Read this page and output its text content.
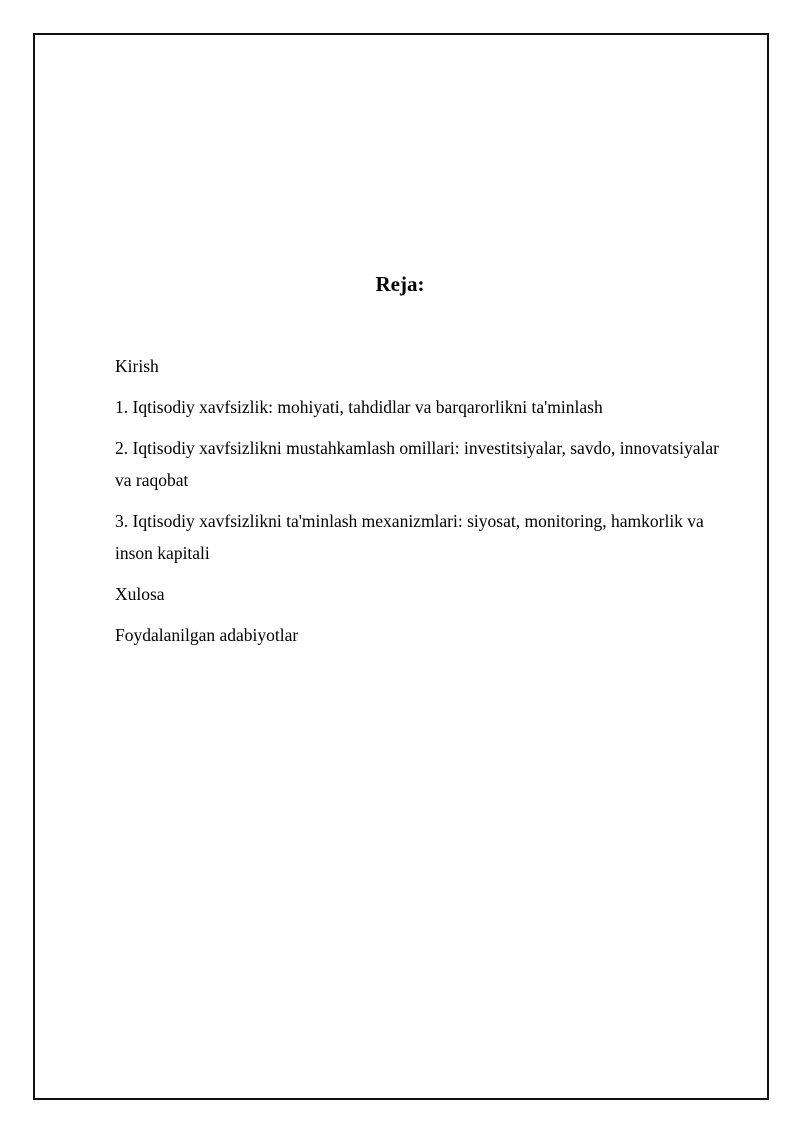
Reja:
Kirish
1. Iqtisodiy xavfsizlik: mohiyati, tahdidlar va barqarorlikni ta'minlash
2. Iqtisodiy xavfsizlikni mustahkamlash omillari: investitsiyalar, savdo, innovatsiyalar va raqobat
3. Iqtisodiy xavfsizlikni ta'minlash mexanizmlari: siyosat, monitoring, hamkorlik va inson kapitali
Xulosa
Foydalanilgan adabiyotlar
